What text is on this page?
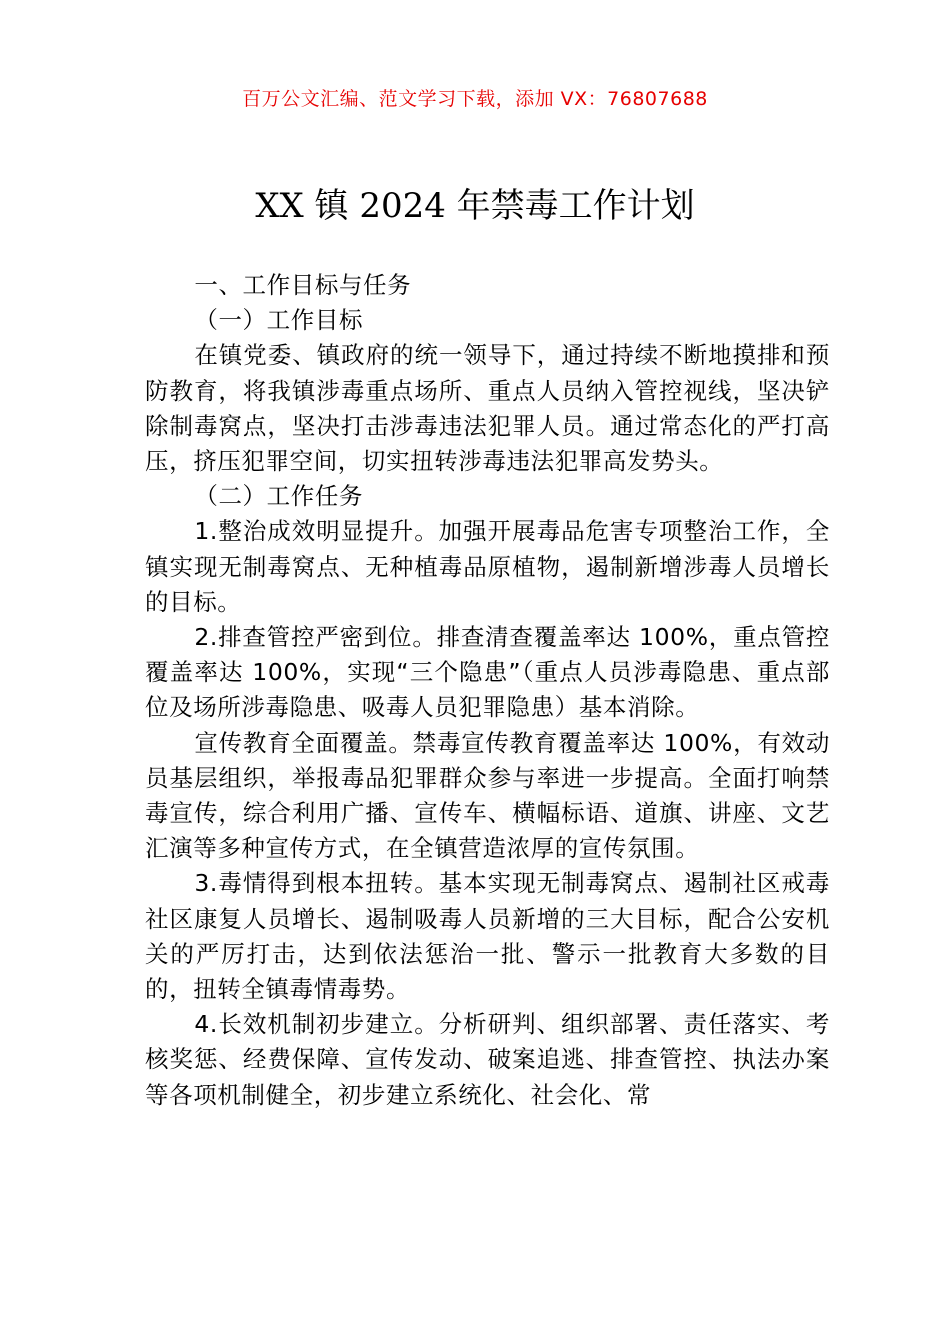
百万公文汇编、范文学习下载，添加 VX：76807688
XX 镇 2024 年禁毒工作计划

一、工作目标与任务

（一）工作目标

在镇党委、镇政府的统一领导下，通过持续不断地摸排和预防教育，将我镇涉毒重点场所、重点人员纳入管控视线，坚决铲除制毒窝点，坚决打击涉毒违法犯罪人员。通过常态化的严打高压，挤压犯罪空间，切实扭转涉毒违法犯罪高发势头。

（二）工作任务

1.整治成效明显提升。加强开展毒品危害专项整治工作，全镇实现无制毒窝点、无种植毒品原植物，遏制新增涉毒人员增长的目标。

2.排查管控严密到位。排查清查覆盖率达 100%，重点管控覆盖率达 100%，实现“三个隐患”（重点人员涉毒隐患、重点部位及场所涉毒隐患、吸毒人员犯罪隐患）基本消除。

宣传教育全面覆盖。禁毒宣传教育覆盖率达 100%，有效动员基层组织，举报毒品犯罪群众参与率进一步提高。全面打响禁毒宣传，综合利用广播、宣传车、横幅标语、道旗、讲座、文艺汇演等多种宣传方式，在全镇营造浓厚的宣传氛围。

3.毒情得到根本扭转。基本实现无制毒窝点、遏制社区戒毒社区康复人员增长、遏制吸毒人员新增的三大目标，配合公安机关的严厉打击，达到依法惩治一批、警示一批教育大多数的目的，扭转全镇毒情毒势。

4.长效机制初步建立。分析研判、组织部署、责任落实、考核奖惩、经费保障、宣传发动、破案追逃、排查管控、执法办案等各项机制健全，初步建立系统化、社会化、常
